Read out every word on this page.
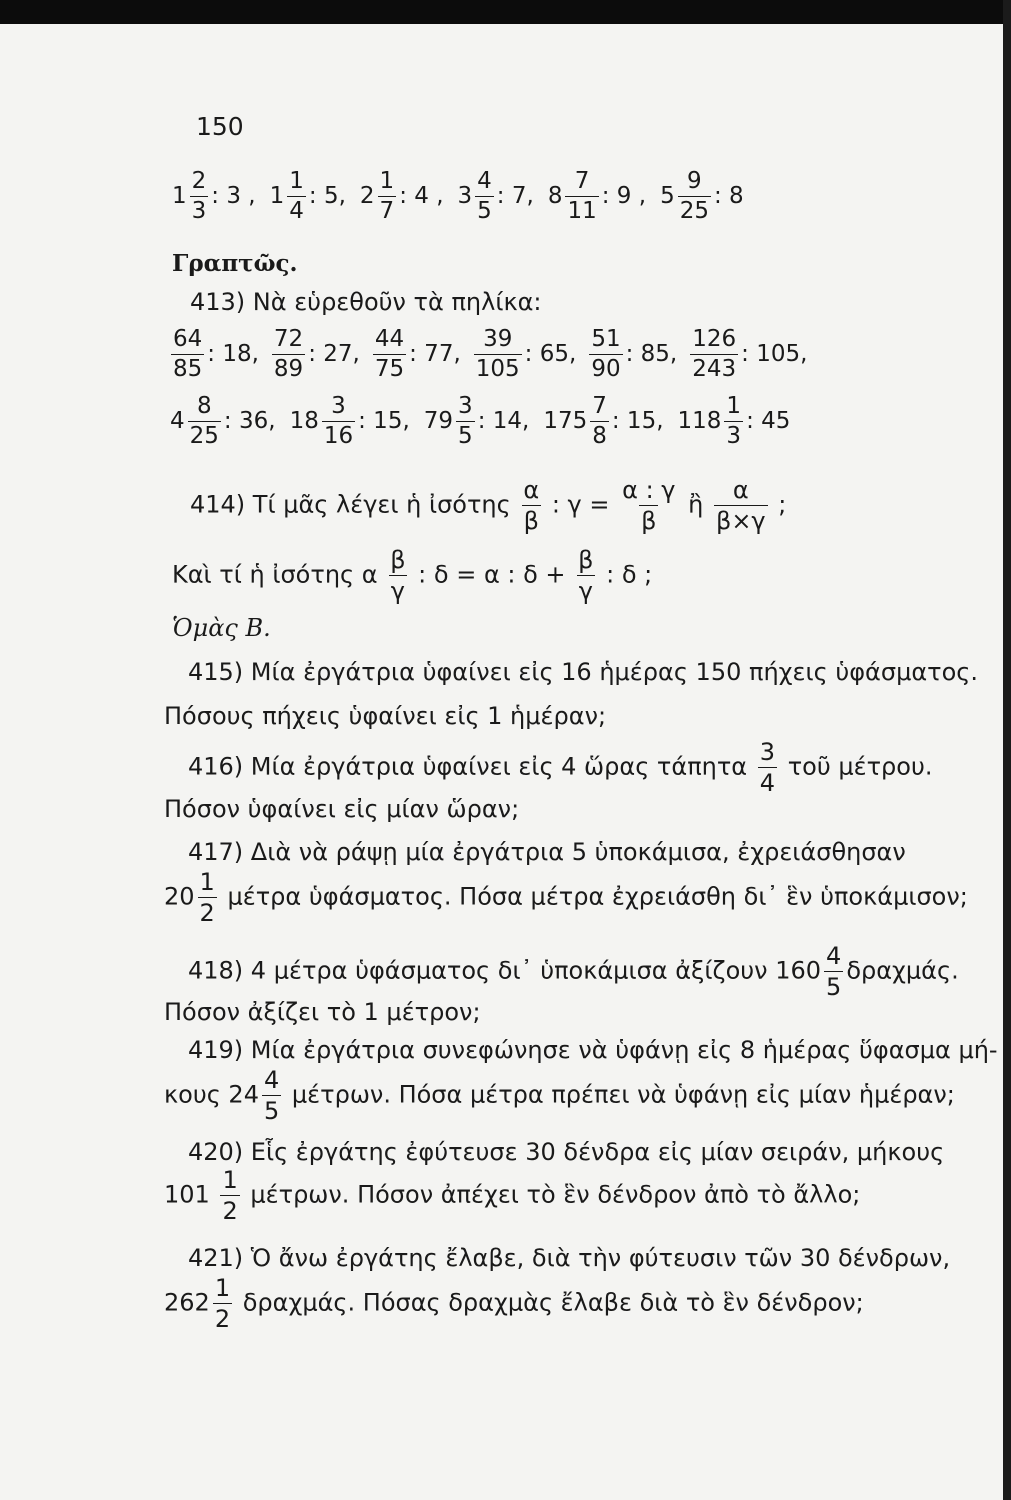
150
$1 \frac{2}{3}$ : 3 , $1 \frac{1}{4}$ : 5, $2 \frac{1}{7}$ : 4 , $3 \frac{4}{5}$ : 7, $8 \frac{7}{11}$ : 9 , $5 \frac{9}{25}$ : 8
Γραπτῶς.
413) Νὰ εὑρεθοῦν τὰ πηλίκα:
$\frac{64}{85}$ : 18, $\frac{72}{89}$ : 27, $\frac{44}{75}$ : 77, $\frac{39}{105}$ : 65, $\frac{51}{90}$ : 85, $\frac{126}{243}$ : 105,
$4 \frac{8}{25}$ : 36, $18 \frac{3}{16}$ : 15, $79 \frac{3}{5}$ : 14, $175 \frac{7}{8}$ : 15, $118 \frac{1}{3}$ : 45
414) Τί μᾶς λέγει ἡ ἰσότης $\frac{\alpha}{\beta}$ : $\gamma = \frac{\alpha : \gamma}{\beta}$ ἢ $\frac{\alpha}{\beta\times\gamma}$ ;
Καὶ τί ἡ ἰσότης α $\frac{\beta}{\gamma}$ : δ = α : $\delta + \frac{\beta}{\gamma}$ : δ ;
Ὁμὰς Β.
415) Μία ἐργάτρια ὑφαίνει εἰς 16 ἡμέρας 150 πήχεις ὑφάσματος.
Πόσους πήχεις ὑφαίνει εἰς 1 ἡμέραν;
416) Μία ἐργάτρια ὑφαίνει εἰς 4 ὥρας τάπητα $\frac{3}{4}$ τοῦ μέτρου.
Πόσον ὑφαίνει εἰς μίαν ὥραν;
417) Διὰ νὰ ράψῃ μία ἐργάτρια 5 ὑποκάμισα, ἐχρειάσθησαν
$20 \frac{1}{2}$ μέτρα ὑφάσματος. Πόσα μέτρα ἐχρειάσθη δι᾽ ἓν ὑποκάμισον;
418) 4 μέτρα ὑφάσματος δι᾽ ὑποκάμισα ἀξίζουν $160 \frac{4}{5} \delta\rho\alpha\chi\mu ά\varsigma$.
Πόσον ἀξίζει τὸ 1 μέτρον;
419) Μία ἐργάτρια συνεφώνησε νὰ ὑφάνῃ εἰς 8 ἡμέρας ὕφασμα μή-
κους $24 \frac{4}{5} \mu έ\tau\rho\omega\nu$. Πόσα μέτρα πρέπει νὰ ὑφάνῃ εἰς μίαν ἡμέραν;
420) Εἷς ἐργάτης ἐφύτευσε 30 δένδρα εἰς μίαν σειράν, μήκους
$101 \frac{1}{2} \mu έ\tau\rho\omega\nu$. Πόσον ἀπέχει τὸ ἓν δένδρον ἀπὸ τὸ ἄλλο;
421) Ὁ ἄνω ἐργάτης ἔλαβε, διὰ τὴν φύτευσιν τῶν 30 δένδρων,
$262 \frac{1}{2} \delta\rho\alpha\chi\mu ά\varsigma$. Πόσας δραχμὰς ἔλαβε διὰ τὸ ἓν δένδρον;
